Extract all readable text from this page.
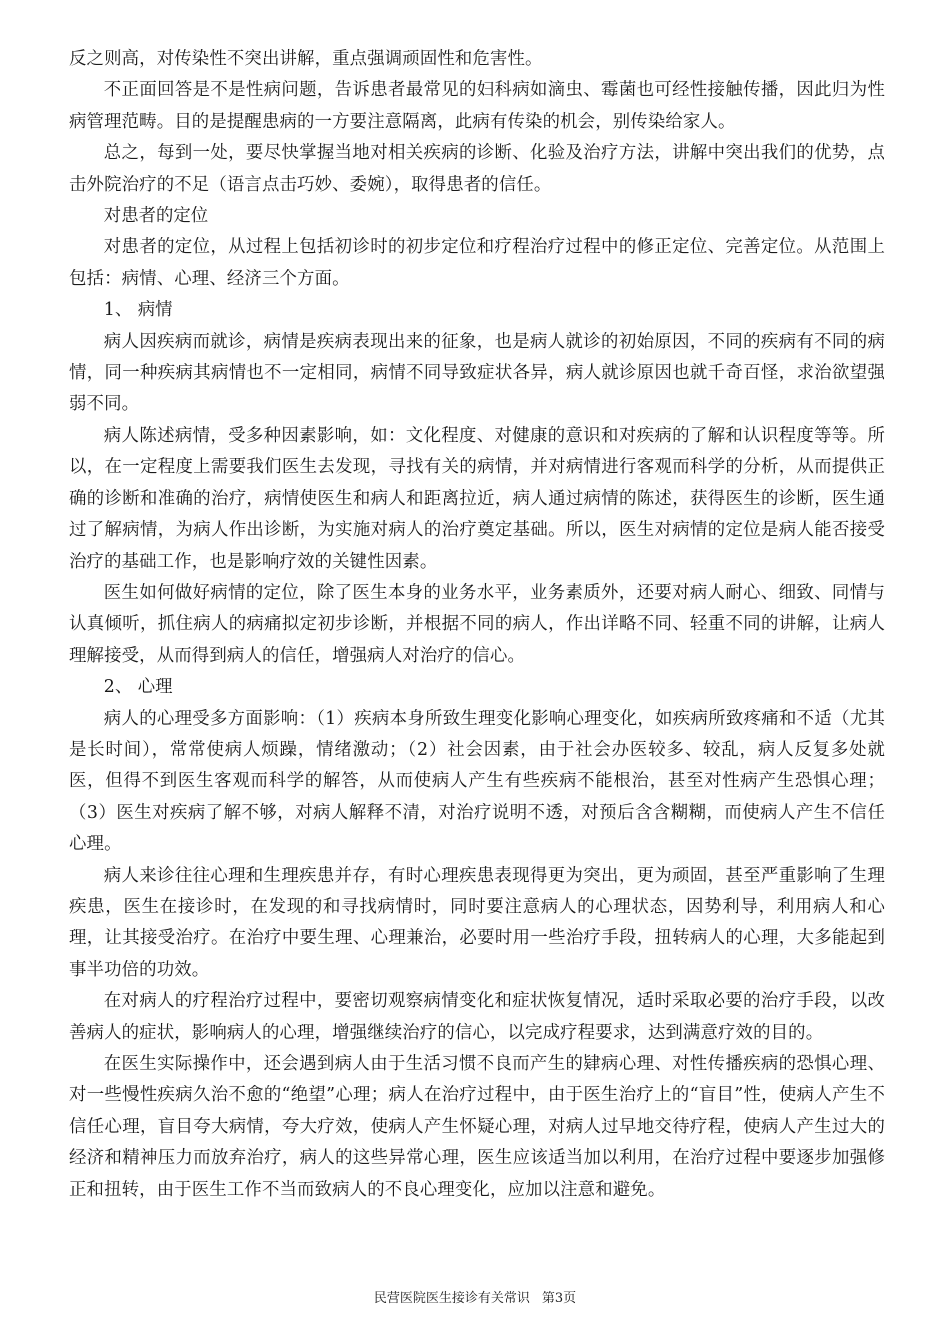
反之则高，对传染性不突出讲解，重点强调顽固性和危害性。

不正面回答是不是性病问题，告诉患者最常见的妇科病如滴虫、霉菌也可经性接触传播，因此归为性病管理范畴。目的是提醒患病的一方要注意隔离，此病有传染的机会，别传染给家人。

总之，每到一处，要尽快掌握当地对相关疾病的诊断、化验及治疗方法，讲解中突出我们的优势，点击外院治疗的不足（语言点击巧妙、委婉），取得患者的信任。

对患者的定位

对患者的定位，从过程上包括初诊时的初步定位和疗程治疗过程中的修正定位、完善定位。从范围上包括：病情、心理、经济三个方面。

1、 病情

病人因疾病而就诊，病情是疾病表现出来的征象，也是病人就诊的初始原因，不同的疾病有不同的病情，同一种疾病其病情也不一定相同，病情不同导致症状各异，病人就诊原因也就千奇百怪，求治欲望强弱不同。

病人陈述病情，受多种因素影响，如：文化程度、对健康的意识和对疾病的了解和认识程度等等。所以，在一定程度上需要我们医生去发现，寻找有关的病情，并对病情进行客观而科学的分析，从而提供正确的诊断和准确的治疗，病情使医生和病人和距离拉近，病人通过病情的陈述，获得医生的诊断，医生通过了解病情，为病人作出诊断，为实施对病人的治疗奠定基础。所以，医生对病情的定位是病人能否接受治疗的基础工作，也是影响疗效的关键性因素。

医生如何做好病情的定位，除了医生本身的业务水平，业务素质外，还要对病人耐心、细致、同情与认真倾听，抓住病人的病痛拟定初步诊断，并根据不同的病人，作出详略不同、轻重不同的讲解，让病人理解接受，从而得到病人的信任，增强病人对治疗的信心。

2、 心理

病人的心理受多方面影响：（1）疾病本身所致生理变化影响心理变化，如疾病所致疼痛和不适（尤其是长时间），常常使病人烦躁，情绪激动；（2）社会因素，由于社会办医较多、较乱，病人反复多处就医，但得不到医生客观而科学的解答，从而使病人产生有些疾病不能根治，甚至对性病产生恐惧心理；（3）医生对疾病了解不够，对病人解释不清，对治疗说明不透，对预后含含糊糊，而使病人产生不信任心理。

病人来诊往往心理和生理疾患并存，有时心理疾患表现得更为突出，更为顽固，甚至严重影响了生理疾患，医生在接诊时，在发现的和寻找病情时，同时要注意病人的心理状态，因势利导，利用病人和心理，让其接受治疗。在治疗中要生理、心理兼治，必要时用一些治疗手段，扭转病人的心理，大多能起到事半功倍的功效。

在对病人的疗程治疗过程中，要密切观察病情变化和症状恢复情况，适时采取必要的治疗手段，以改善病人的症状，影响病人的心理，增强继续治疗的信心，以完成疗程要求，达到满意疗效的目的。

在医生实际操作中，还会遇到病人由于生活习惯不良而产生的肄病心理、对性传播疾病的恐惧心理、对一些慢性疾病久治不愈的“绝望”心理；病人在治疗过程中，由于医生治疗上的“盲目”性，使病人产生不信任心理，盲目夸大病情，夸大疗效，使病人产生怀疑心理，对病人过早地交待疗程，使病人产生过大的经济和精神压力而放弃治疗，病人的这些异常心理，医生应该适当加以利用，在治疗过程中要逐步加强修正和扭转，由于医生工作不当而致病人的不良心理变化，应加以注意和避免。

民营医院医生接诊有关常识 第3页
